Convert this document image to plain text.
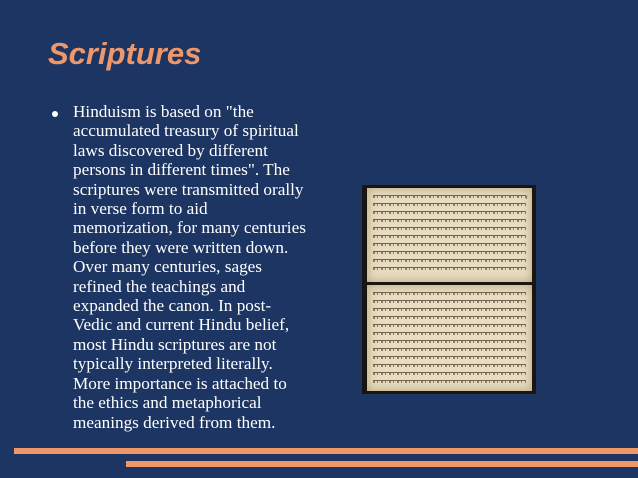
Scriptures
Hinduism is based on "the
accumulated treasury of spiritual
laws discovered by different
persons in different times". The
scriptures were transmitted orally
in verse form to aid
memorization, for many centuries
before they were written down.
Over many centuries, sages
refined the teachings and
expanded the canon. In post-
Vedic and current Hindu belief,
most Hindu scriptures are not
typically interpreted literally.
More importance is attached to
the ethics and metaphorical
meanings derived from them.
ɾ
